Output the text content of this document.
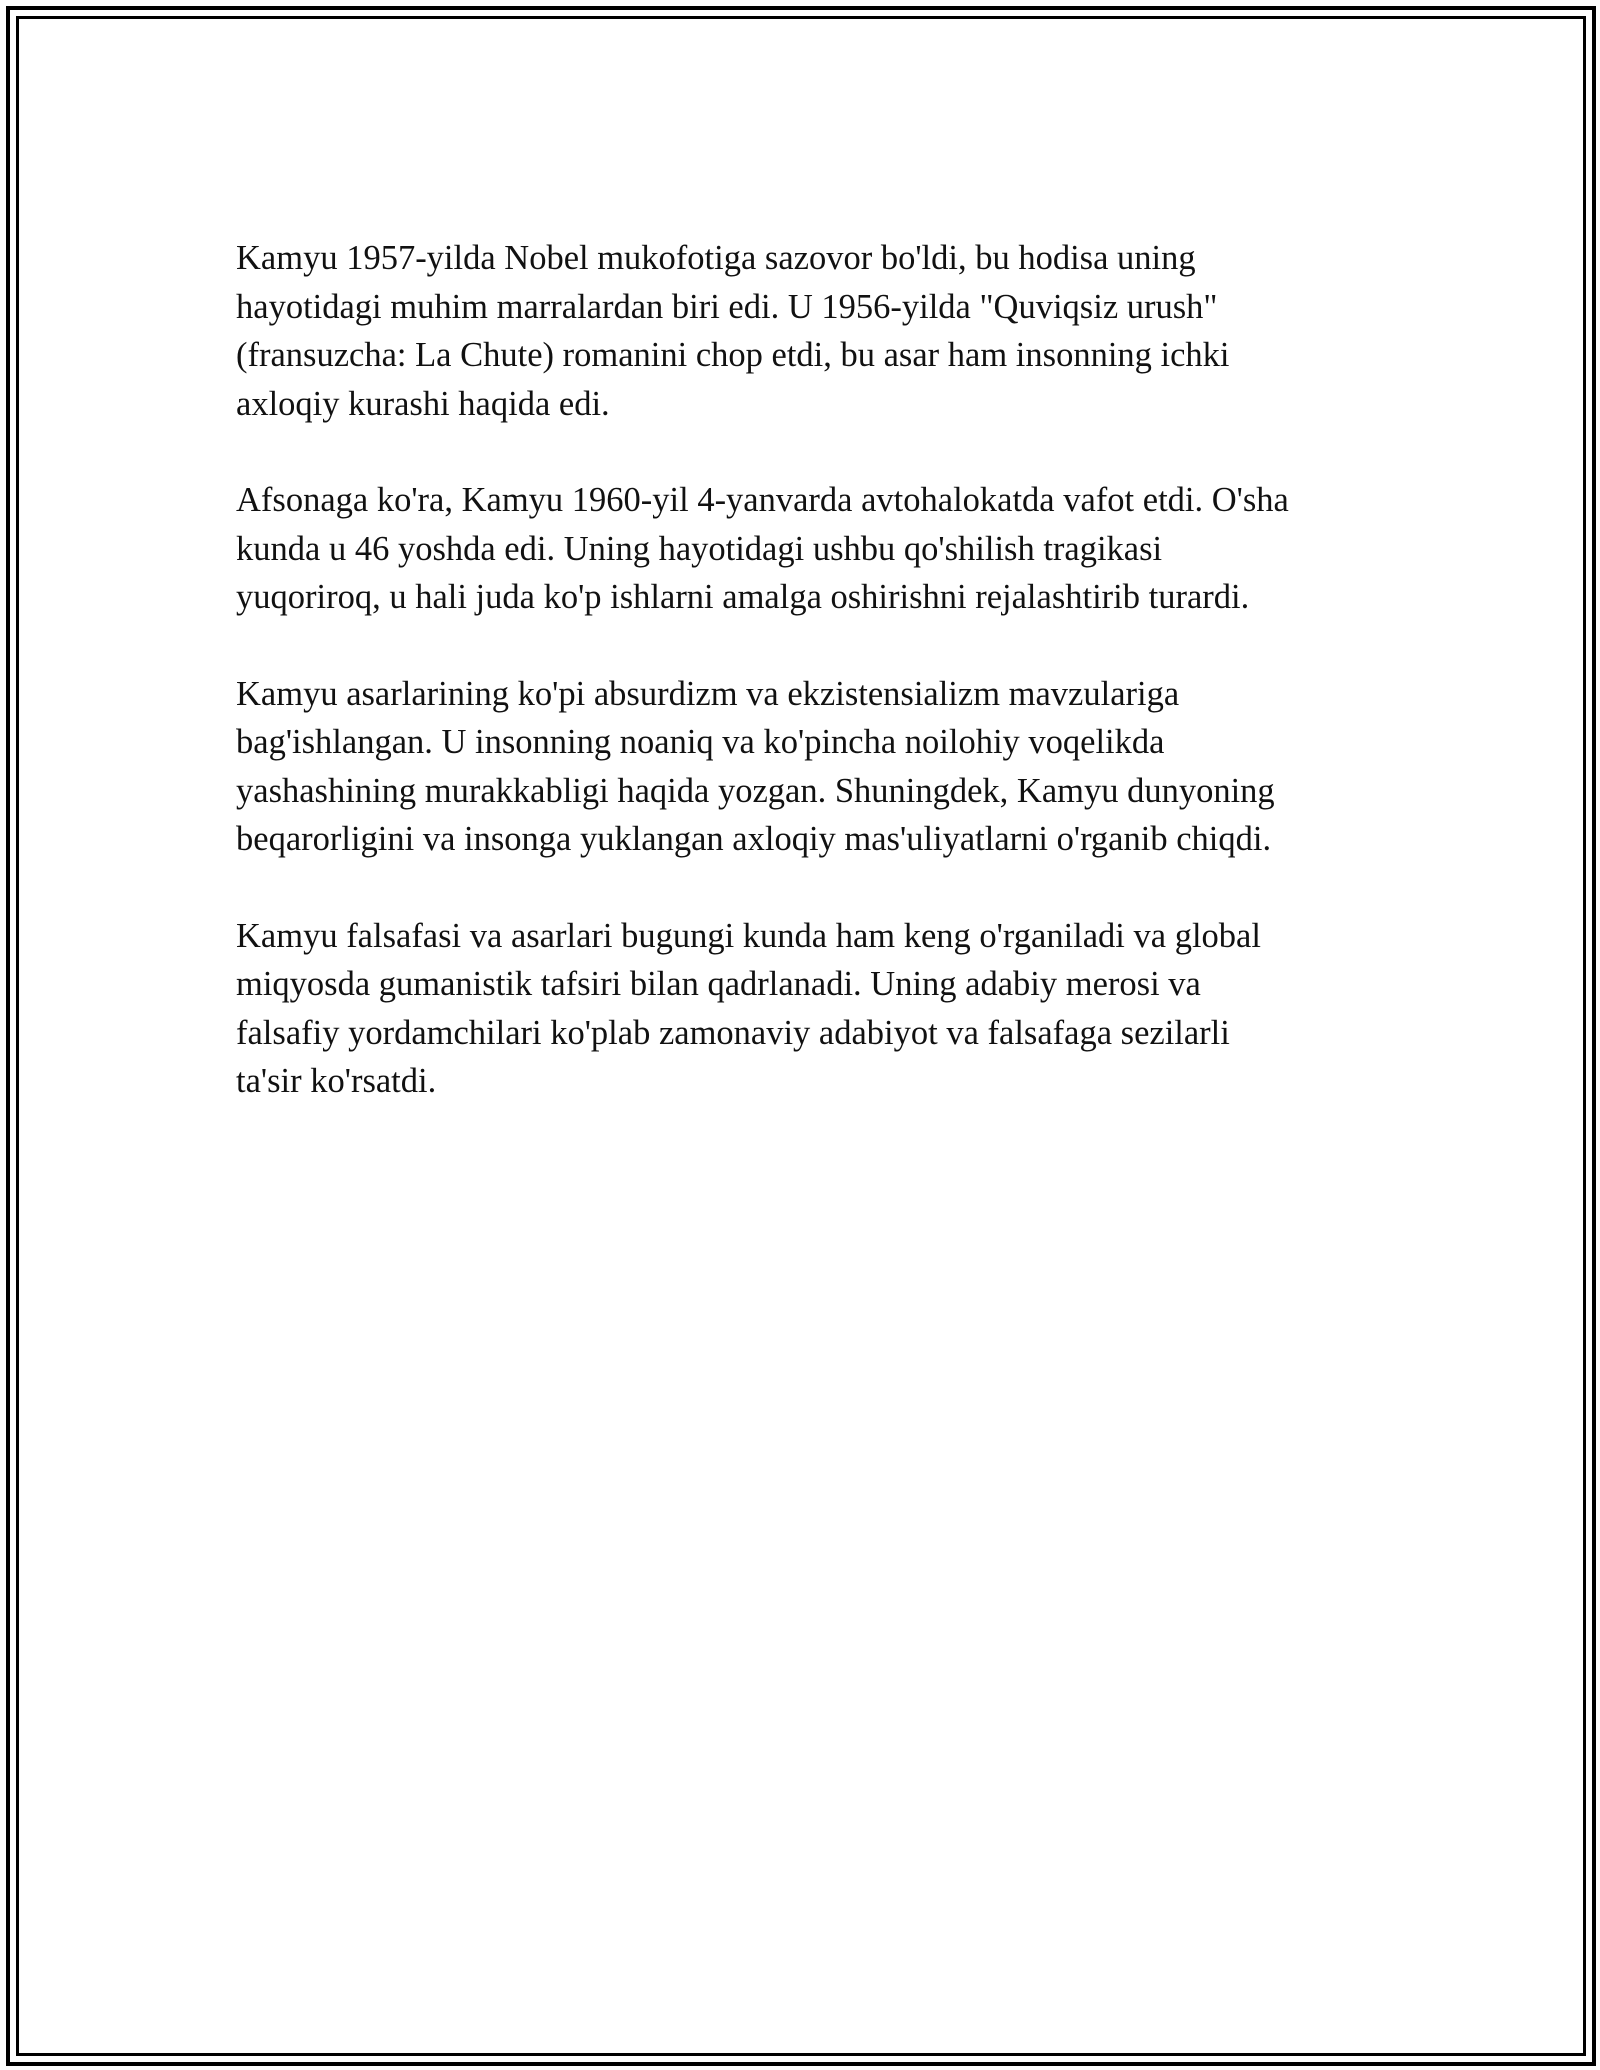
Kamyu 1957-yilda Nobel mukofotiga sazovor bo'ldi, bu hodisa uning
hayotidagi muhim marralardan biri edi. U 1956-yilda "Quviqsiz urush"
(fransuzcha: La Chute) romanini chop etdi, bu asar ham insonning ichki
axloqiy kurashi haqida edi.

Afsonaga ko'ra, Kamyu 1960-yil 4-yanvarda avtohalokatda vafot etdi. O'sha
kunda u 46 yoshda edi. Uning hayotidagi ushbu qo'shilish tragikasi
yuqoriroq, u hali juda ko'p ishlarni amalga oshirishni rejalashtirib turardi.

Kamyu asarlarining ko'pi absurdizm va ekzistensializm mavzulariga
bag'ishlangan. U insonning noaniq va ko'pincha noilohiy voqelikda
yashashining murakkabligi haqida yozgan. Shuningdek, Kamyu dunyoning
beqarorligini va insonga yuklangan axloqiy mas'uliyatlarni o'rganib chiqdi.

Kamyu falsafasi va asarlari bugungi kunda ham keng o'rganiladi va global
miqyosda gumanistik tafsiri bilan qadrlanadi. Uning adabiy merosi va
falsafiy yordamchilari ko'plab zamonaviy adabiyot va falsafaga sezilarli
ta'sir ko'rsatdi.
